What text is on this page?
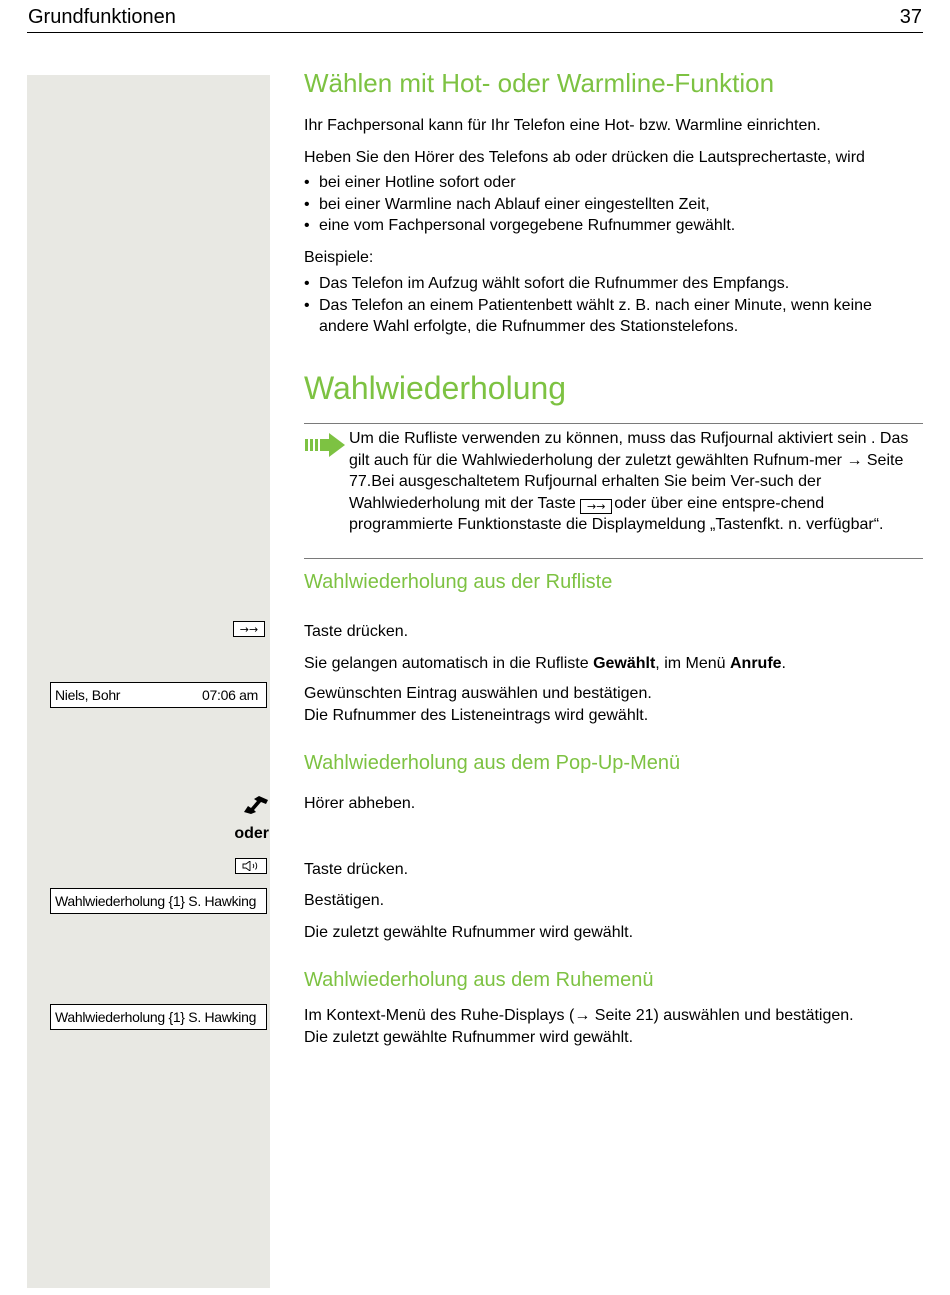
Grundfunktionen	37
Wählen mit Hot- oder Warmline-Funktion
Ihr Fachpersonal kann für Ihr Telefon eine Hot- bzw. Warmline einrichten.
Heben Sie den Hörer des Telefons ab oder drücken die Lautsprechertaste, wird
• bei einer Hotline sofort oder
• bei einer Warmline nach Ablauf einer eingestellten Zeit,
• eine vom Fachpersonal vorgegebene Rufnummer gewählt.
Beispiele:
• Das Telefon im Aufzug wählt sofort die Rufnummer des Empfangs.
• Das Telefon an einem Patientenbett wählt z. B. nach einer Minute, wenn keine andere Wahl erfolgte, die Rufnummer des Stationstelefons.
Wahlwiederholung
Um die Rufliste verwenden zu können, muss das Rufjournal aktiviert sein . Das gilt auch für die Wahlwiederholung der zuletzt gewählten Rufnum-mer → Seite 77.Bei ausgeschaltetem Rufjournal erhalten Sie beim Ver-such der Wahlwiederholung mit der Taste →→ oder über eine entspre-chend programmierte Funktionstaste die Displaymeldung „Tastenfkt. n. verfügbar“.
Wahlwiederholung aus der Rufliste
→→	Taste drücken.
Sie gelangen automatisch in die Rufliste Gewählt, im Menü Anrufe.
Niels, Bohr	07:06 am	Gewünschten Eintrag auswählen und bestätigen.
Die Rufnummer des Listeneintrags wird gewählt.
Wahlwiederholung aus dem Pop-Up-Menü
Hörer abheben.
oder
Taste drücken.
Wahlwiederholung {1} S. Hawking	Bestätigen.
Die zuletzt gewählte Rufnummer wird gewählt.
Wahlwiederholung aus dem Ruhemenü
Wahlwiederholung {1} S. Hawking	Im Kontext-Menü des Ruhe-Displays (→ Seite 21) auswählen und bestätigen.
Die zuletzt gewählte Rufnummer wird gewählt.
